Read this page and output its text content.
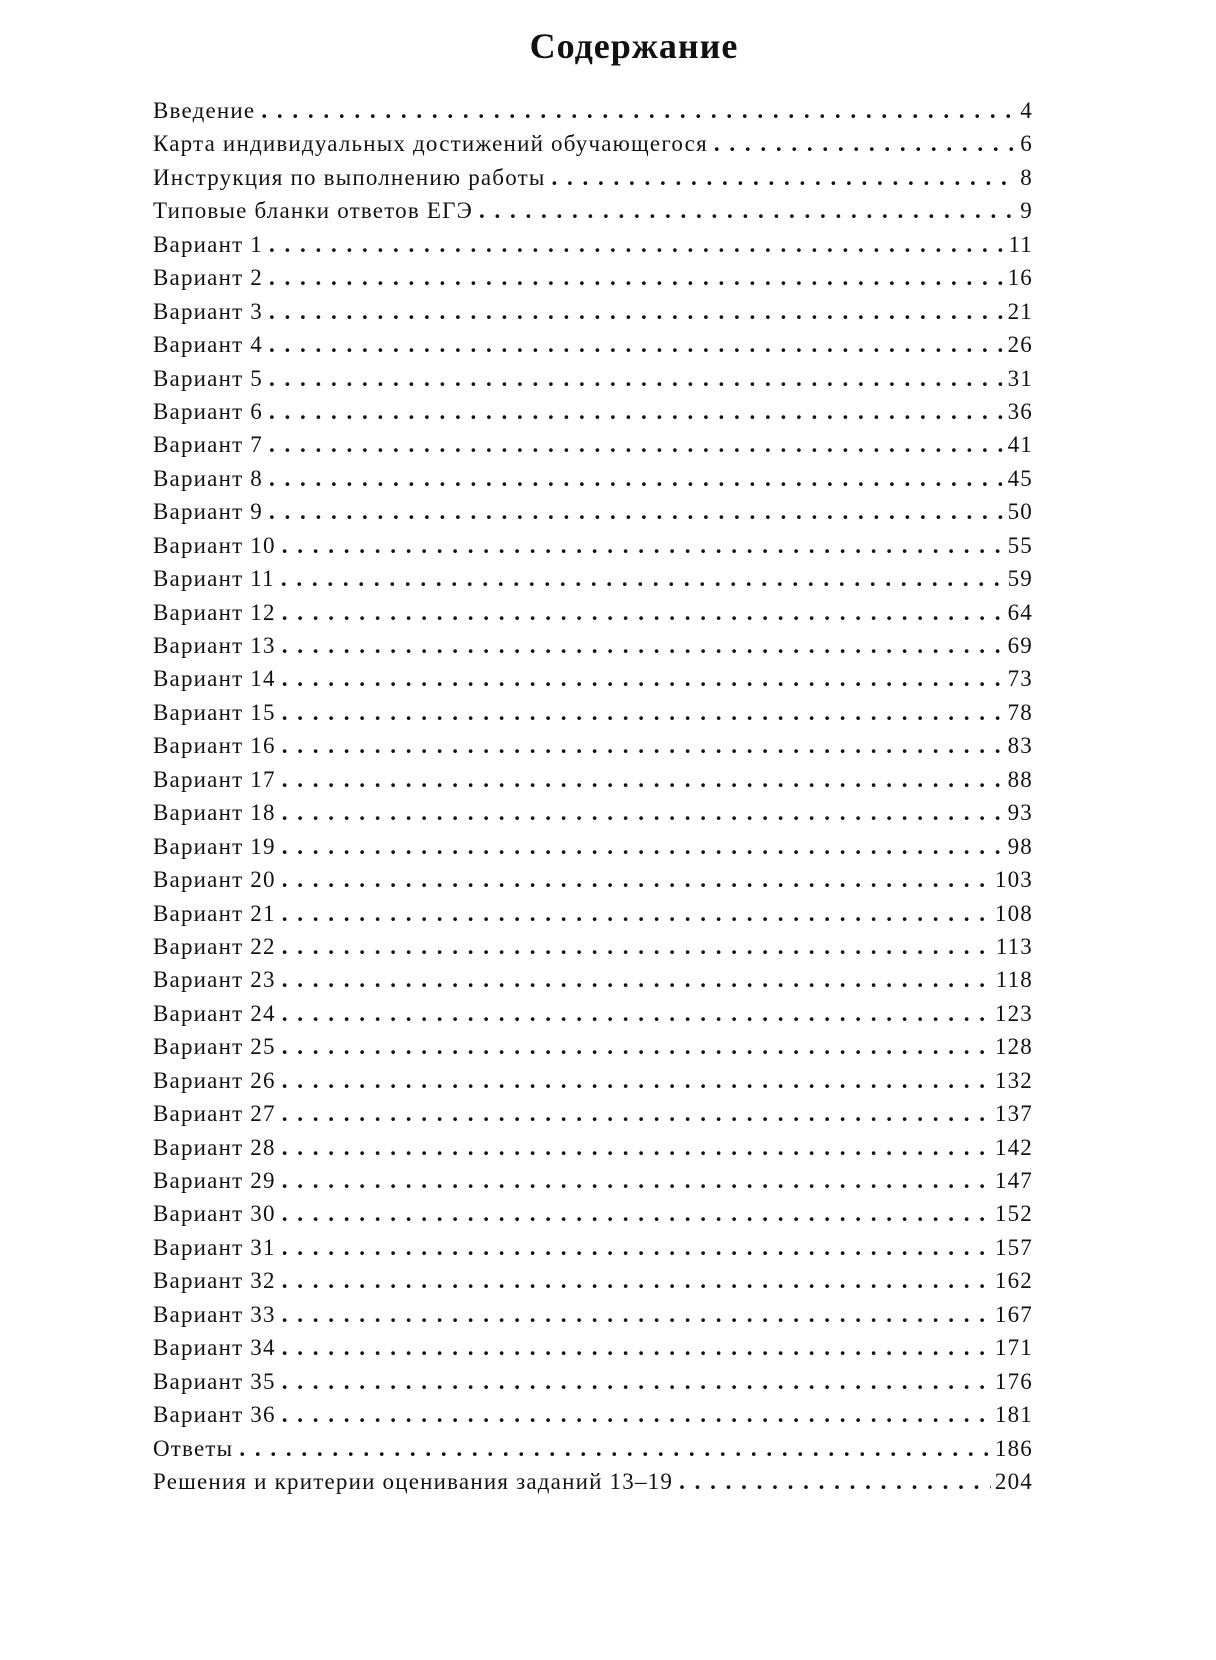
Содержание
Введение . . .	4
Карта индивидуальных достижений обучающегося . . .	6
Инструкция по выполнению работы . . .	8
Типовые бланки ответов ЕГЭ . . .	9
Вариант 1 . . .	11
Вариант 2 . . .	16
Вариант 3 . . .	21
Вариант 4 . . .	26
Вариант 5 . . .	31
Вариант 6 . . .	36
Вариант 7 . . .	41
Вариант 8 . . .	45
Вариант 9 . . .	50
Вариант 10 . . .	55
Вариант 11 . . .	59
Вариант 12 . . .	64
Вариант 13 . . .	69
Вариант 14 . . .	73
Вариант 15 . . .	78
Вариант 16 . . .	83
Вариант 17 . . .	88
Вариант 18 . . .	93
Вариант 19 . . .	98
Вариант 20 . . .	103
Вариант 21 . . .	108
Вариант 22 . . .	113
Вариант 23 . . .	118
Вариант 24 . . .	123
Вариант 25 . . .	128
Вариант 26 . . .	132
Вариант 27 . . .	137
Вариант 28 . . .	142
Вариант 29 . . .	147
Вариант 30 . . .	152
Вариант 31 . . .	157
Вариант 32 . . .	162
Вариант 33 . . .	167
Вариант 34 . . .	171
Вариант 35 . . .	176
Вариант 36 . . .	181
Ответы . . .	186
Решения и критерии оценивания заданий 13–19 . . .	204
